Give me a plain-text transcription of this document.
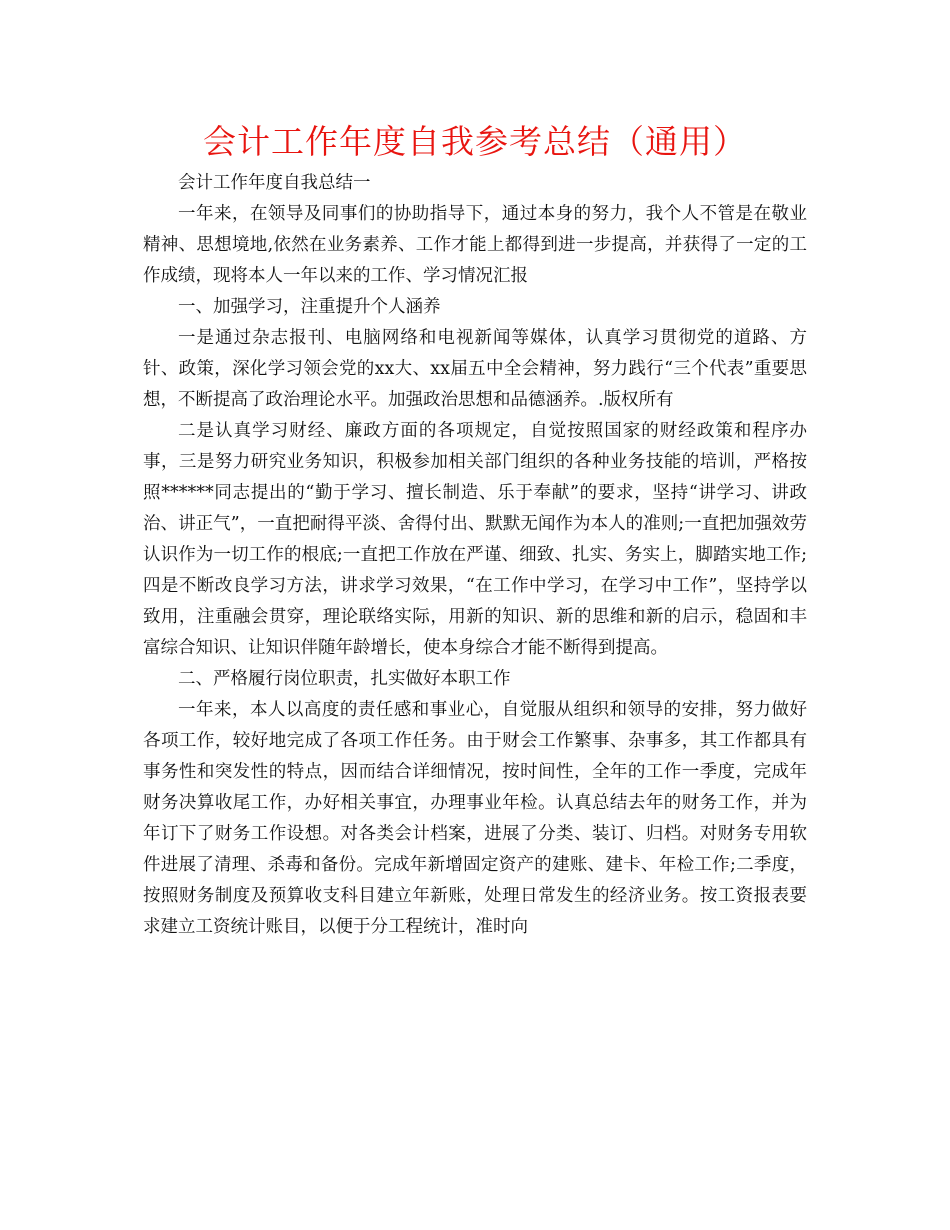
会计工作年度自我参考总结（通用）

会计工作年度自我总结一

一年来，在领导及同事们的协助指导下，通过本身的努力，我个人不管是在敬业精神、思想境地,依然在业务素养、工作才能上都得到进一步提高，并获得了一定的工作成绩，现将本人一年以来的工作、学习情况汇报

一、加强学习，注重提升个人涵养

一是通过杂志报刊、电脑网络和电视新闻等媒体，认真学习贯彻党的道路、方针、政策，深化学习领会党的xx大、xx届五中全会精神，努力践行“三个代表”重要思想，不断提高了政治理论水平。加强政治思想和品德涵养。.版权所有

二是认真学习财经、廉政方面的各项规定，自觉按照国家的财经政策和程序办事，三是努力研究业务知识，积极参加相关部门组织的各种业务技能的培训，严格按照******同志提出的“勤于学习、擅长制造、乐于奉献”的要求，坚持“讲学习、讲政治、讲正气”，一直把耐得平淡、舍得付出、默默无闻作为本人的准则;一直把加强效劳认识作为一切工作的根底;一直把工作放在严谨、细致、扎实、务实上，脚踏实地工作;四是不断改良学习方法，讲求学习效果，“在工作中学习，在学习中工作”，坚持学以致用，注重融会贯穿，理论联络实际，用新的知识、新的思维和新的启示，稳固和丰富综合知识、让知识伴随年龄增长，使本身综合才能不断得到提高。

二、严格履行岗位职责，扎实做好本职工作

一年来，本人以高度的责任感和事业心，自觉服从组织和领导的安排，努力做好各项工作，较好地完成了各项工作任务。由于财会工作繁事、杂事多，其工作都具有事务性和突发性的特点，因而结合详细情况，按时间性，全年的工作一季度，完成年财务决算收尾工作，办好相关事宜，办理事业年检。认真总结去年的财务工作，并为年订下了财务工作设想。对各类会计档案，进展了分类、装订、归档。对财务专用软件进展了清理、杀毒和备份。完成年新增固定资产的建账、建卡、年检工作;二季度，按照财务制度及预算收支科目建立年新账，处理日常发生的经济业务。按工资报表要求建立工资统计账目，以便于分工程统计，准时向
